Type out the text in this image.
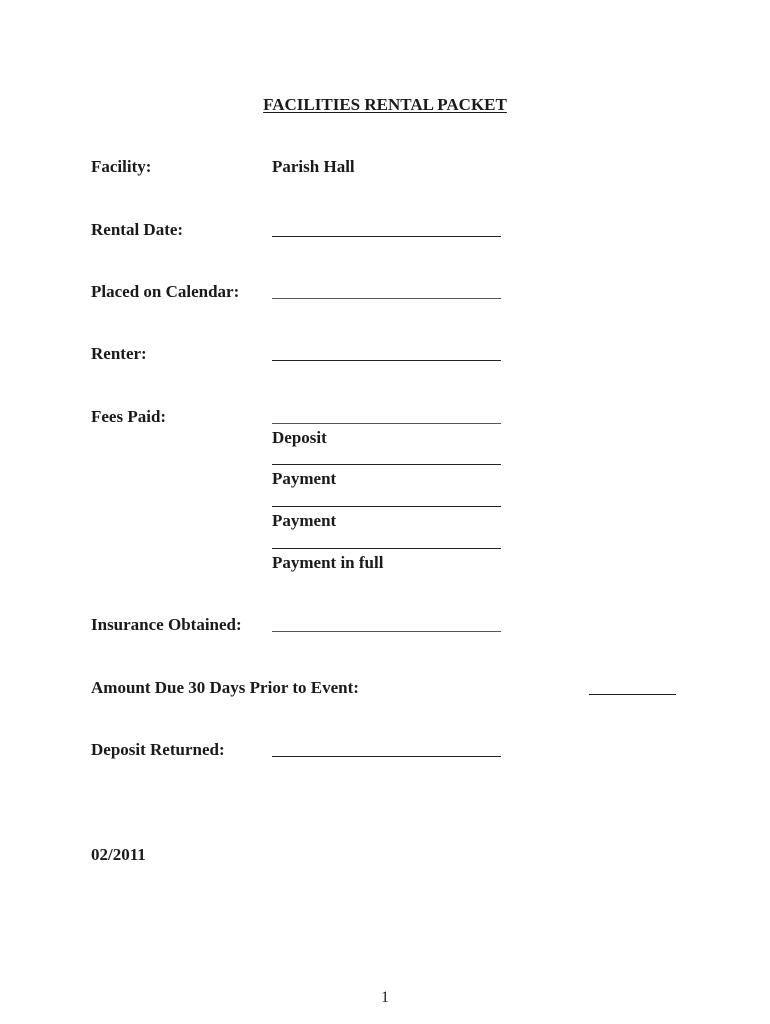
FACILITIES RENTAL PACKET
Facility:	Parish Hall
Rental Date:
Placed on Calendar:
Renter:
Fees Paid:
Deposit
Payment
Payment
Payment in full
Insurance Obtained:
Amount Due 30 Days Prior to Event:
Deposit Returned:
02/2011
1
